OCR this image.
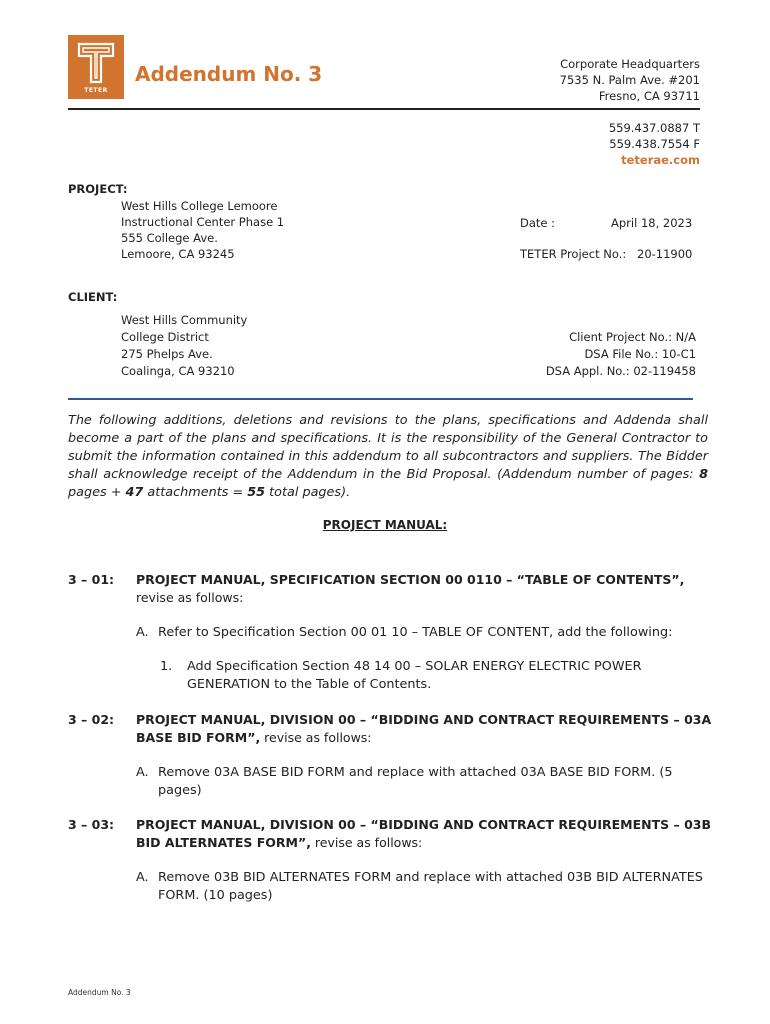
TETER
Addendum No. 3	Corporate Headquarters
7535 N. Palm Ave. #201
Fresno, CA 93711
559.437.0887 T
559.438.7554 F
teterae.com
PROJECT:
West Hills College Lemoore
Instructional Center Phase 1
555 College Ave.
Lemoore, CA 93245
Date :	April 18, 2023
TETER Project No.: 20-11900
CLIENT:
West Hills Community
College District
275 Phelps Ave.
Coalinga, CA 93210
Client Project No.: N/A
DSA File No.: 10-C1
DSA Appl. No.: 02-119458
The following additions, deletions and revisions to the plans, specifications and Addenda shall become a part of the plans and specifications. It is the responsibility of the General Contractor to submit the information contained in this addendum to all subcontractors and suppliers. The Bidder shall acknowledge receipt of the Addendum in the Bid Proposal. (Addendum number of pages: 8 pages + 47 attachments = 55 total pages).
PROJECT MANUAL:
3 – 01: PROJECT MANUAL, SPECIFICATION SECTION 00 0110 – “TABLE OF CONTENTS”, revise as follows:
A. Refer to Specification Section 00 01 10 – TABLE OF CONTENT, add the following:
1. Add Specification Section 48 14 00 – SOLAR ENERGY ELECTRIC POWER GENERATION to the Table of Contents.
3 – 02: PROJECT MANUAL, DIVISION 00 – “BIDDING AND CONTRACT REQUIREMENTS – 03A BASE BID FORM”, revise as follows:
A. Remove 03A BASE BID FORM and replace with attached 03A BASE BID FORM. (5 pages)
3 – 03: PROJECT MANUAL, DIVISION 00 – “BIDDING AND CONTRACT REQUIREMENTS – 03B BID ALTERNATES FORM”, revise as follows:
A. Remove 03B BID ALTERNATES FORM and replace with attached 03B BID ALTERNATES FORM. (10 pages)
Addendum No. 3
